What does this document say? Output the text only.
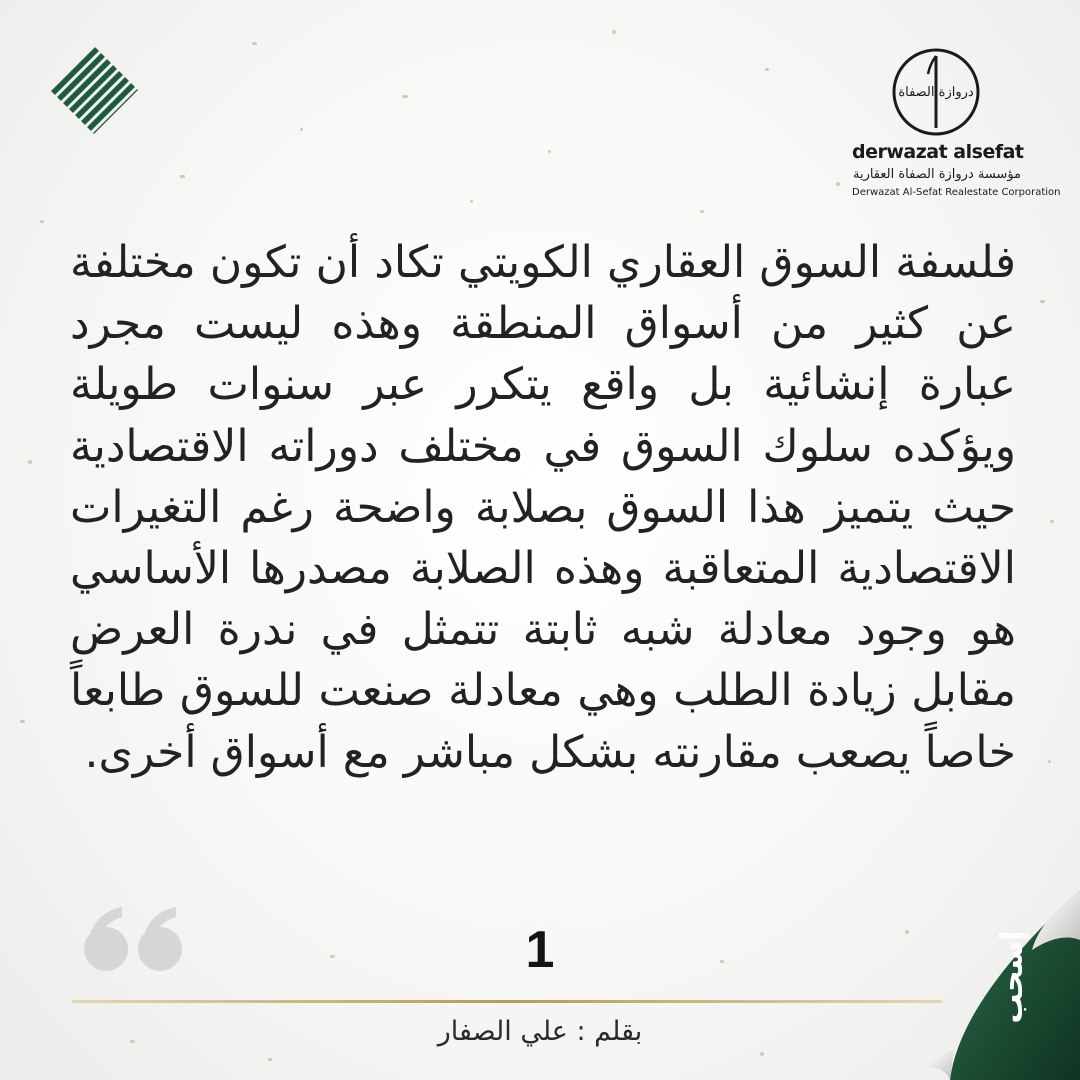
دروازة الصفاة
derwazat alsefat
مؤسسة دروازة الصفاة العقارية
Derwazat Al-Sefat Realestate Corporation

فلسفة السوق العقاري الكويتي تكاد أن تكون مختلفة عن كثير من أسواق المنطقة وهذه ليست مجرد عبارة إنشائية بل واقع يتكرر عبر سنوات طويلة ويؤكده سلوك السوق في مختلف دوراته الاقتصادية حيث يتميز هذا السوق بصلابة واضحة رغم التغيرات الاقتصادية المتعاقبة وهذه الصلابة مصدرها الأساسي هو وجود معادلة شبه ثابتة تتمثل في ندرة العرض مقابل زيادة الطلب وهي معادلة صنعت للسوق طابعاً خاصاً يصعب مقارنته بشكل مباشر مع أسواق أخرى.

1
بقلم : علي الصفار
إسحب
